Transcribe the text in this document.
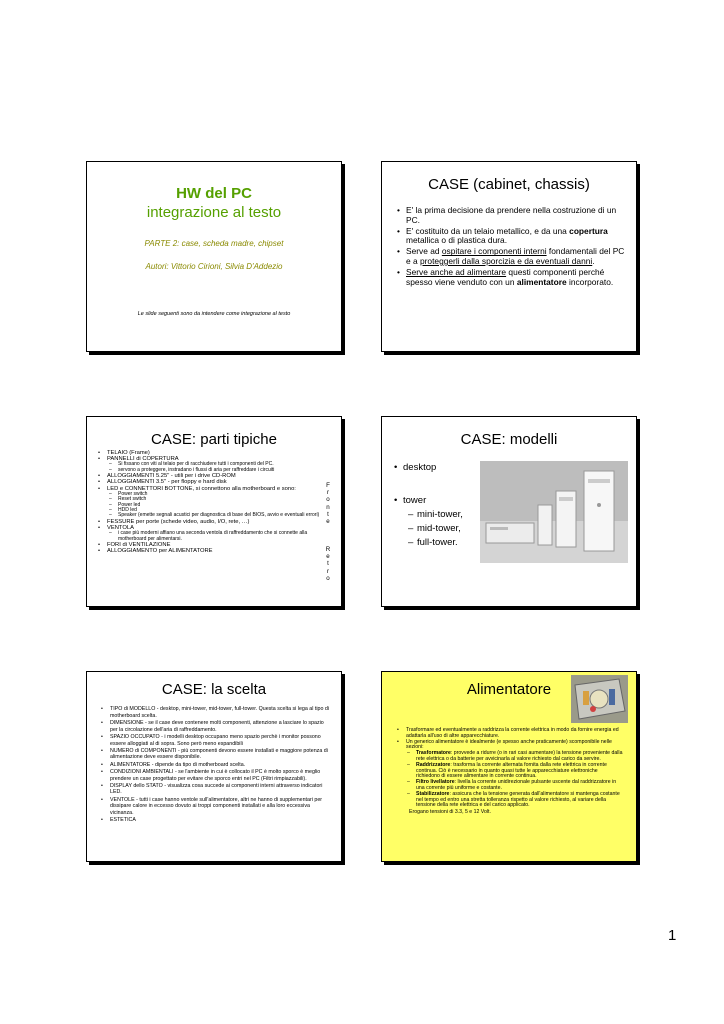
HW del PC
integrazione al testo
PARTE 2: case, scheda madre, chipset
Autori: Vittorio Cirioni, Silvia D'Addezio
Le slide seguenti sono da intendere come integrazione al testo
CASE (cabinet, chassis)
• E' la prima decisione da prendere nella costruzione di un PC.
• E' costituito da un telaio metallico, e da una copertura metallica o di plastica dura.
• Serve ad ospitare i componenti interni fondamentali del PC e a proteggerli dalla sporcizia e da eventuali danni.
• Serve anche ad alimentare questi componenti perché spesso viene venduto con un alimentatore incorporato.
CASE: parti tipiche
• TELAIO (Frame)
• PANNELLI di COPERTURA
– Si fissano con viti al telaio per di racchiudere tutti i componenti del PC.
– servono a proteggere, instradano i flussi di aria per raffreddare i circuiti
• ALLOGGIAMENTI 5.25" - utili per i drive CD-ROM
• ALLOGGIAMENTI 3.5" - per floppy e hard disk
• LED e CONNETTORI BOTTONE, si connettono alla motherboard e sono:
– Power switch
– Reset switch
– Power led
– HDD led
– Speaker (emette segnali acustici per diagnostica di base del BIOS, avvio e eventuali errori)
• FESSURE per porte (schede video, audio, I/O, rete, …)
• VENTOLA
– i case più moderni affiano una seconda ventola di raffreddamento che si connette alla motherboard per alimentarsi.
• FORI di VENTILAZIONE
• ALLOGGIAMENTO per ALIMENTATORE
F
r
o
n
t
e
R
e
t
r
o
CASE: modelli
• desktop
• tower
– mini-tower,
– mid-tower,
– full-tower.
CASE: la scelta
• TIPO di MODELLO - desktop, mini-tower, mid-tower, full-tower. Questa scelta si lega al tipo di motherboard scelta.
• DIMENSIONE - se il case deve contenere molti componenti, attenzione a lasciare lo spazio per la circolazione dell'aria di raffreddamento.
• SPAZIO OCCUPATO - i modelli desktop occupano meno spazio perchè i monitor possono essere alloggiati al di sopra. Sono però meno espandibili
• NUMERO di COMPONENTI - più componenti devono essere installati e maggiore potenza di alimentazione deve essere disponibile.
• ALIMENTATORE - dipende da tipo di motherboard scelta.
• CONDIZIONI AMBIENTALI - se l'ambiente in cui è collocato il PC è molto sporco è meglio prendere un case progettato per evitare che sporco entri nel PC (Filtri rimpiazzabili).
• DISPLAY dello STATO - visualizza cosa succede ai componenti interni attraverso indicatori LED.
• VENTOLE - tutti i case hanno ventole sull'alimentatore, altri ne hanno di supplementari per dissipare calore in eccesso dovuto ai troppi componenti installati e alla loro eccessiva vicinanza.
• ESTETICA
Alimentatore
• Trasformare ed eventualmente a raddrizza la corrente elettrica in modo da fornire energia ed adattarla all'uso di altre apparecchiature.
• Un generico alimentatore è idealmente (e spesso anche praticamente) scomponibile nelle sezioni:
– Trasformatore: provvede a ridurre (o in rari casi aumentare) la tensione proveniente dalla rete elettrica o da batterie per avvicinarla al valore richiesto dal carico da servire.
– Raddrizzatore: trasforma la corrente alternata fornita dalla rete elettrica in corrente continua. Ciò è necessario in quanto quasi tutte le apparecchiature elettroniche richiedono di essere alimentare in corrente continua.
– Filtro livellatore: livella la corrente unidirezionale pulsante uscente dal raddrizzatore in una corrente più uniforme e costante.
– Stabilizzatore: assicura che la tensione generata dall'alimentatore si mantenga costante nel tempo ed entro una stretta tolleranza rispetto al valore richiesto, al variare della tensione della rete elettrica e del carico applicato.
Erogano tensioni di 3.3, 5 e 12 Volt.
1
